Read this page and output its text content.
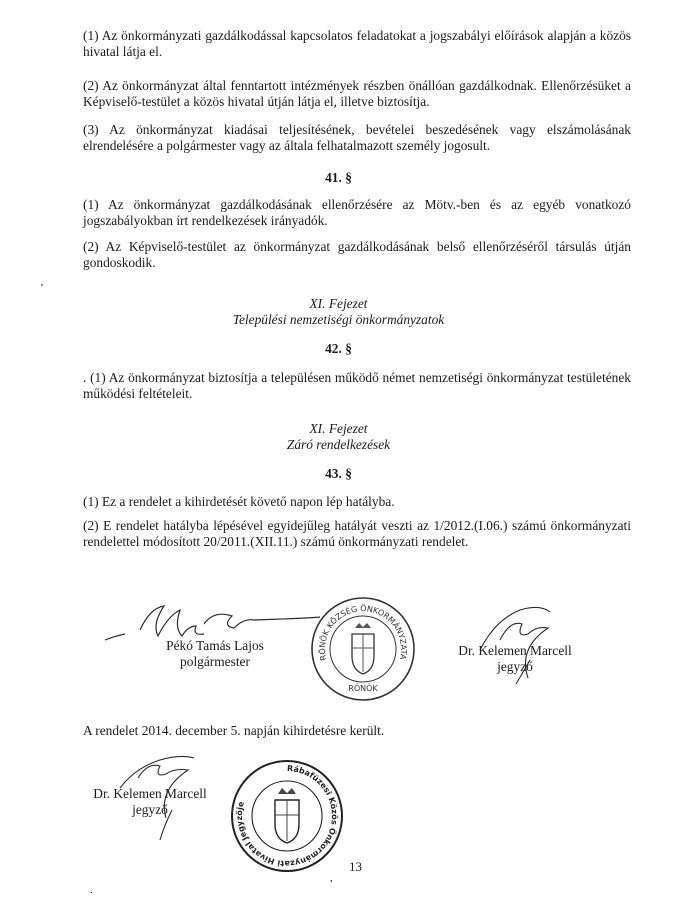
(1) Az önkormányzati gazdálkodással kapcsolatos feladatokat a jogszabályi előírások alapján a közös hivatal látja el.

(2) Az önkormányzat által fenntartott intézmények részben önállóan gazdálkodnak. Ellenőrzésüket a Képviselő-testület a közös hivatal útján látja el, illetve biztosítja.

(3) Az önkormányzat kiadásai teljesítésének, bevételei beszedésének vagy elszámolásának elrendelésére a polgármester vagy az általa felhatalmazott személy jogosult.

41. §

(1) Az önkormányzat gazdálkodásának ellenőrzésére az Mötv.-ben és az egyéb vonatkozó jogszabályokban írt rendelkezések irányadók.

(2) Az Képviselő-testület az önkormányzat gazdálkodásának belső ellenőrzéséről társulás útján gondoskodik.

’

XI. Fejezet

Települési nemzetiségi önkormányzatok

42. §

. (1) Az önkormányzat biztosítja a településen működő német nemzetiségi önkormányzat testületének működési feltételeit.

XI. Fejezet

Záró rendelkezések

43. §

(1) Ez a rendelet a kihirdetését követő napon lép hatályba.

(2) E rendelet hatályba lépésével egyidejűleg hatályát veszti az 1/2012.(I.06.) számú önkormányzati rendelettel módosított 20/2011.(XII.11.) számú önkormányzati rendelet.

Pékó Tamás Lajos
polgármester	RÖNÖK KÖZSÉG ÖNKORMÁNYZATA
RÖNÖK
Dr. Kelemen Marcell
jegyző

A rendelet 2014. december 5. napján kihirdetésre került.

Dr. Kelemen Marcell
jegyző
Rábafüzesi Közös Önkormányzati Hivatal Jegyzője
13
,
.
